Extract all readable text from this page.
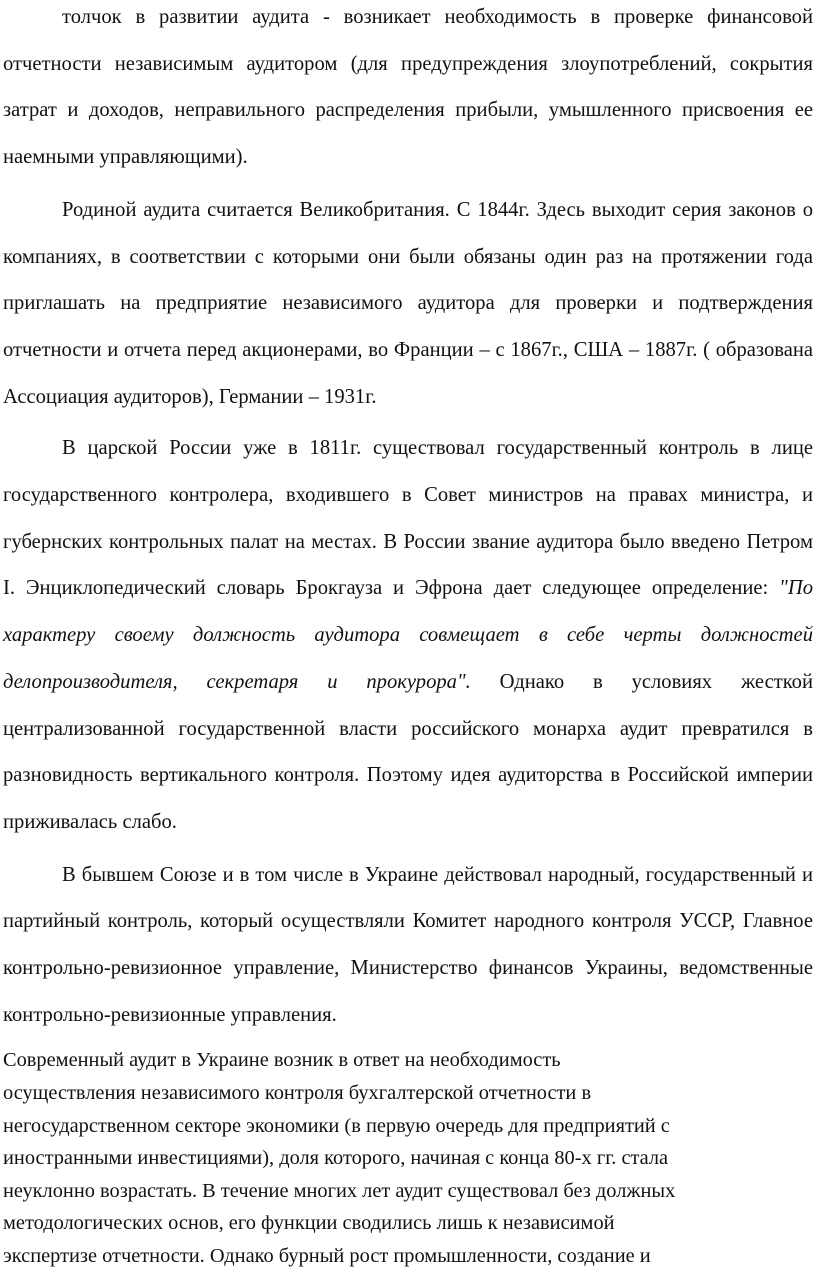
толчок в развитии аудита - возникает необходимость в проверке финансовой отчетности независимым аудитором (для предупреждения злоупотреблений, сокрытия затрат и доходов, неправильного распределения прибыли, умышленного присвоения ее наемными управляющими).

Родиной аудита считается Великобритания. С 1844г. Здесь выходит серия законов о компаниях, в соответствии с которыми они были обязаны один раз на протяжении года приглашать на предприятие независимого аудитора для проверки и подтверждения отчетности и отчета перед акционерами, во Франции – с 1867г., США – 1887г. ( образована Ассоциация аудиторов), Германии – 1931г.

В царской России уже в 1811г. существовал государственный контроль в лице государственного контролера, входившего в Совет министров на правах министра, и губернских контрольных палат на местах. В России звание аудитора было введено Петром I. Энциклопедический словарь Брокгауза и Эфрона дает следующее определение: "По характеру своему должность аудитора совмещает в себе черты должностей делопроизводителя, секретаря и прокурора". Однако в условиях жесткой централизованной государственной власти российского монарха аудит превратился в разновидность вертикального контроля. Поэтому идея аудиторства в Российской империи приживалась слабо.

В бывшем Союзе и в том числе в Украине действовал народный, государственный и партийный контроль, который осуществляли Комитет народного контроля УССР, Главное контрольно-ревизионное управление, Министерство финансов Украины, ведомственные контрольно-ревизионные управления.

Современный аудит в Украине возник в ответ на необходимость
осуществления независимого контроля бухгалтерской отчетности в
негосударственном секторе экономики (в первую очередь для предприятий с
иностранными инвестициями), доля которого, начиная с конца 80-х гг. стала
неуклонно возрастать. В течение многих лет аудит существовал без должных
методологических основ, его функции сводились лишь к независимой
экспертизе отчетности. Однако бурный рост промышленности, создание и
